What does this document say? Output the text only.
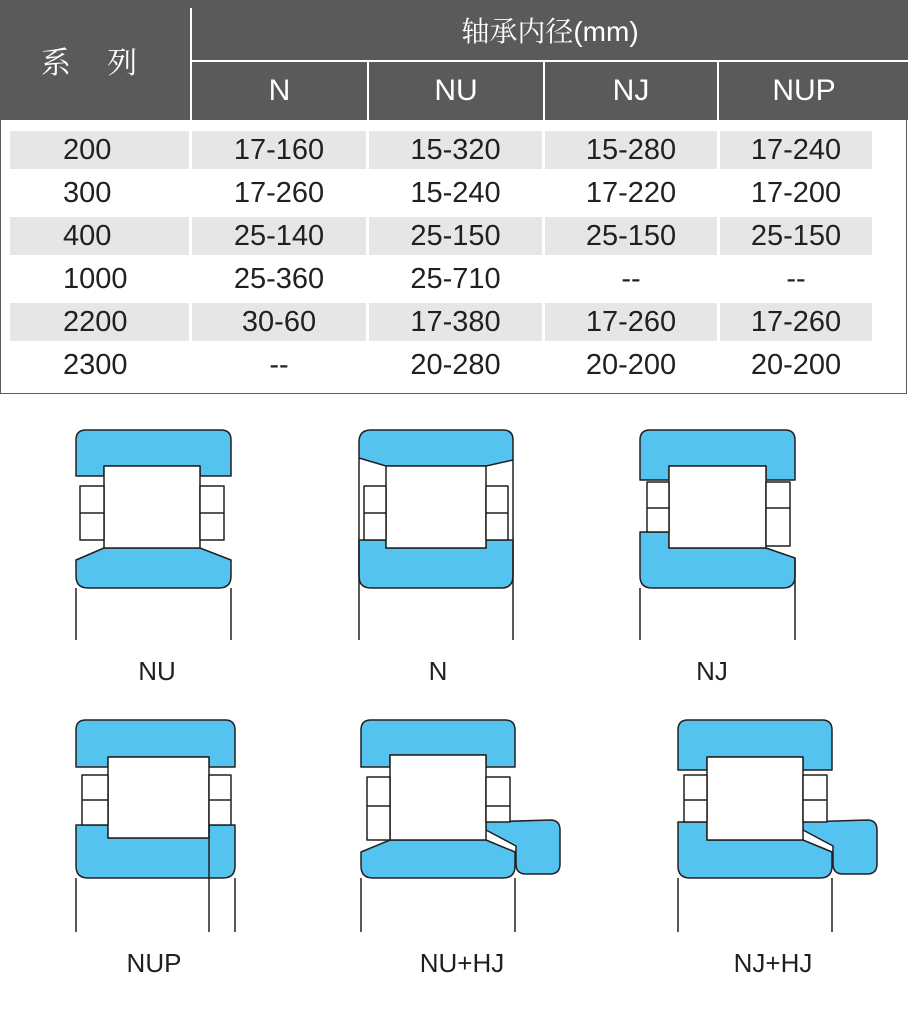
系 列
轴承内径(mm)
N	NU	NJ	NUP
200	17-160	15-320	15-280	17-240
300	17-260	15-240	17-220	17-200
400	25-140	25-150	25-150	25-150
1000	25-360	25-710	--	--
2200	30-60	17-380	17-260	17-260
2300	--	20-280	20-200	20-200
NU	N	NJ
NUP	NU+HJ	NJ+HJ
